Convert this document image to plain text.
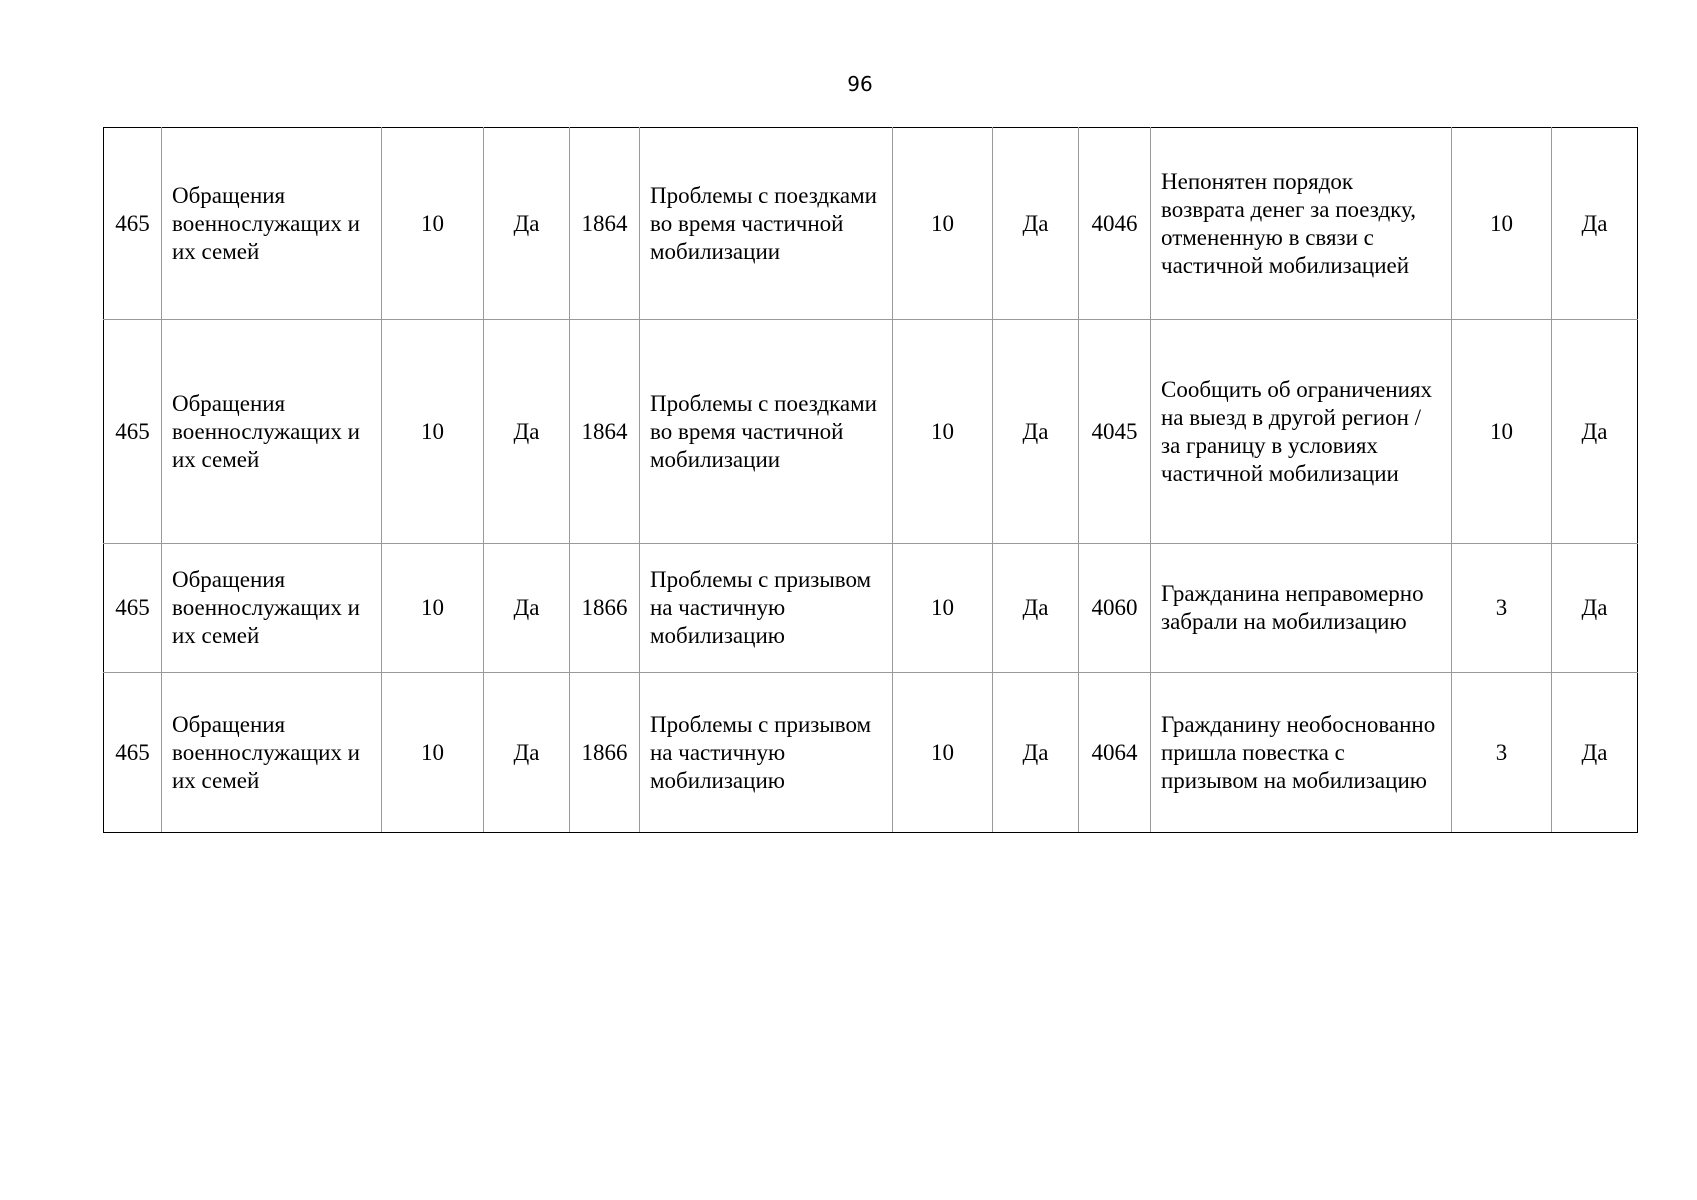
96
465	Обращения военнослужащих и их семей	10	Да	1864	Проблемы с поездками во время частичной мобилизации	10	Да	4046	Непонятен порядок возврата денег за поездку, отмененную в связи с частичной мобилизацией	10	Да
465	Обращения военнослужащих и их семей	10	Да	1864	Проблемы с поездками во время частичной мобилизации	10	Да	4045	Сообщить об ограничениях на выезд в другой регион / за границу в условиях частичной мобилизации	10	Да
465	Обращения военнослужащих и их семей	10	Да	1866	Проблемы с призывом на частичную мобилизацию	10	Да	4060	Гражданина неправомерно забрали на мобилизацию	3	Да
465	Обращения военнослужащих и их семей	10	Да	1866	Проблемы с призывом на частичную мобилизацию	10	Да	4064	Гражданину необоснованно пришла повестка с призывом на мобилизацию	3	Да
